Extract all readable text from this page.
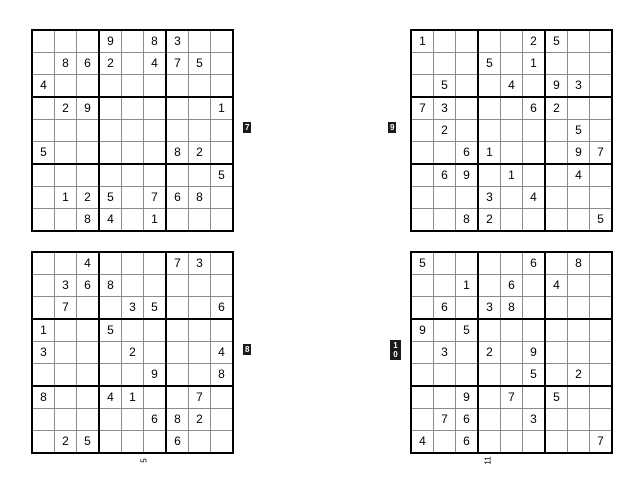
			9		8	3		
	8	6	2		4	7	5	
4								
	2	9						1

5						8	2	
								5
	1	2	5		7	6	8	
		8	4		1			
7
1					2	5		
			5		1			
	5			4		9	3	
7	3				6	2		
	2						5	
		6	1				9	7
	6	9		1			4	
			3		4			
		8	2					5
9
		4				7	3	
	3	6	8					
	7			3	5			6
1			5					
3				2				4
					9			8
8			4	1			7	
					6	8	2	
	2	5				6		
8
5					6		8	
		1		6		4		
	6		3	8				
9		5						
	3		2		9			
					5		2	
		9		7		5		
	7	6			3			
4		6						7
1
0
5	11
